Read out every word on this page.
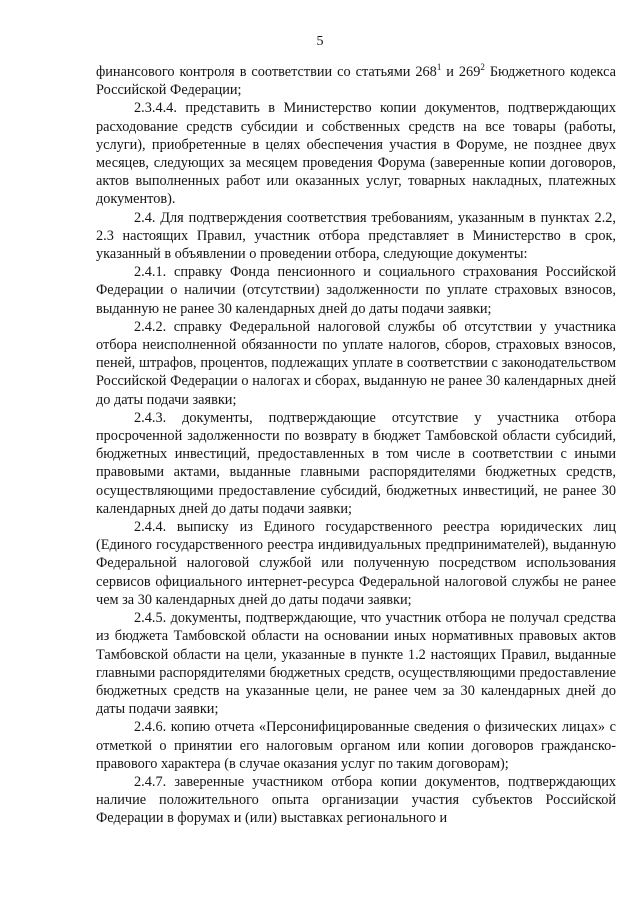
5

финансового контроля в соответствии со статьями $268^1$ и $269^2$ Бюджетного кодекса Российской Федерации;

2.3.4.4. представить в Министерство копии документов, подтверждающих расходование средств субсидии и собственных средств на все товары (работы, услуги), приобретенные в целях обеспечения участия в Форуме, не позднее двух месяцев, следующих за месяцем проведения Форума (заверенные копии договоров, актов выполненных работ или оказанных услуг, товарных накладных, платежных документов).

2.4. Для подтверждения соответствия требованиям, указанным в пунктах 2.2, 2.3 настоящих Правил, участник отбора представляет в Министерство в срок, указанный в объявлении о проведении отбора, следующие документы:

2.4.1. справку Фонда пенсионного и социального страхования Российской Федерации о наличии (отсутствии) задолженности по уплате страховых взносов, выданную не ранее 30 календарных дней до даты подачи заявки;

2.4.2. справку Федеральной налоговой службы об отсутствии у участника отбора неисполненной обязанности по уплате налогов, сборов, страховых взносов, пеней, штрафов, процентов, подлежащих уплате в соответствии с законодательством Российской Федерации о налогах и сборах, выданную не ранее 30 календарных дней до даты подачи заявки;

2.4.3. документы, подтверждающие отсутствие у участника отбора просроченной задолженности по возврату в бюджет Тамбовской области субсидий, бюджетных инвестиций, предоставленных в том числе в соответствии с иными правовыми актами, выданные главными распорядителями бюджетных средств, осуществляющими предоставление субсидий, бюджетных инвестиций, не ранее 30 календарных дней до даты подачи заявки;

2.4.4. выписку из Единого государственного реестра юридических лиц (Единого государственного реестра индивидуальных предпринимателей), выданную Федеральной налоговой службой или полученную посредством использования сервисов официального интернет-ресурса Федеральной налоговой службы не ранее чем за 30 календарных дней до даты подачи заявки;

2.4.5. документы, подтверждающие, что участник отбора не получал средства из бюджета Тамбовской области на основании иных нормативных правовых актов Тамбовской области на цели, указанные в пункте 1.2 настоящих Правил, выданные главными распорядителями бюджетных средств, осуществляющими предоставление бюджетных средств на указанные цели, не ранее чем за 30 календарных дней до даты подачи заявки;

2.4.6. копию отчета «Персонифицированные сведения о физических лицах» с отметкой о принятии его налоговым органом или копии договоров гражданско-правового характера (в случае оказания услуг по таким договорам);

2.4.7. заверенные участником отбора копии документов, подтверждающих наличие положительного опыта организации участия субъектов Российской Федерации в форумах и (или) выставках регионального и
